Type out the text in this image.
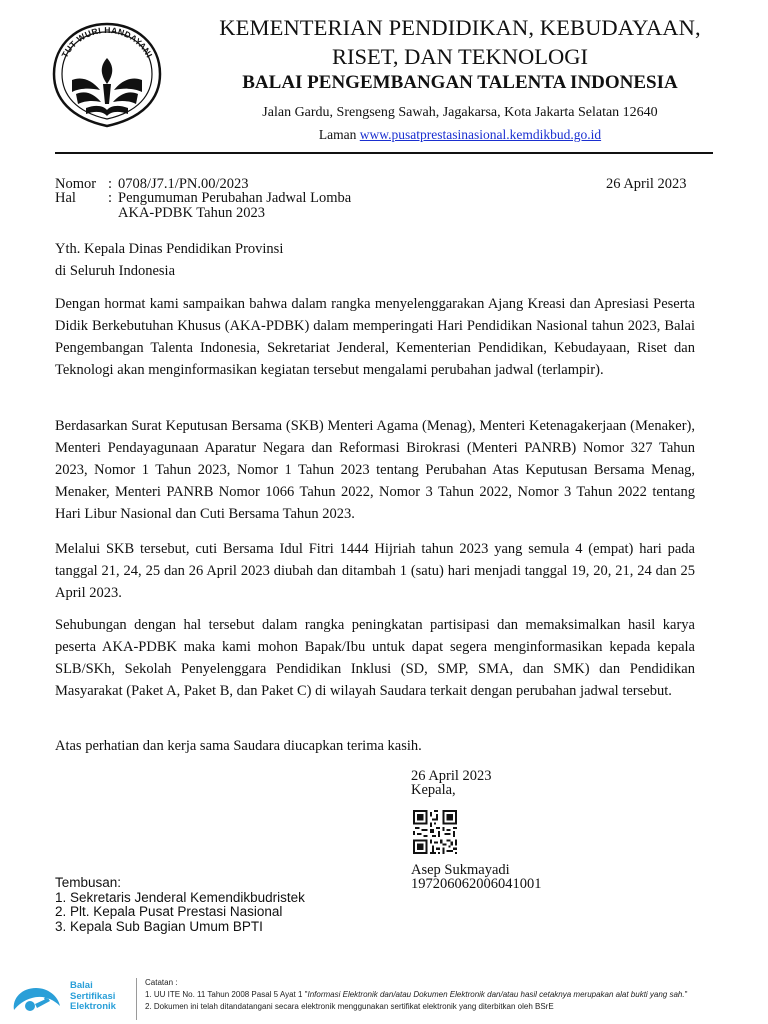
TUT WURI HANDAYANI
KEMENTERIAN PENDIDIKAN, KEBUDAYAAN,
RISET, DAN TEKNOLOGI
BALAI PENGEMBANGAN TALENTA INDONESIA
Jalan Gardu, Srengseng Sawah, Jagakarsa, Kota Jakarta Selatan 12640
Laman www.pusatprestasinasional.kemdikbud.go.id
Nomor : 0708/J7.1/PN.00/2023	26 April 2023
Hal : Pengumuman Perubahan Jadwal Lomba
AKA-PDBK Tahun 2023
Yth. Kepala Dinas Pendidikan Provinsi
di Seluruh Indonesia
Dengan hormat kami sampaikan bahwa dalam rangka menyelenggarakan Ajang Kreasi dan Apresiasi Peserta Didik Berkebutuhan Khusus (AKA-PDBK) dalam memperingati Hari Pendidikan Nasional tahun 2023, Balai Pengembangan Talenta Indonesia, Sekretariat Jenderal, Kementerian Pendidikan, Kebudayaan, Riset dan Teknologi akan menginformasikan kegiatan tersebut mengalami perubahan jadwal (terlampir).
Berdasarkan Surat Keputusan Bersama (SKB) Menteri Agama (Menag), Menteri Ketenagakerjaan (Menaker), Menteri Pendayagunaan Aparatur Negara dan Reformasi Birokrasi (Menteri PANRB) Nomor 327 Tahun 2023, Nomor 1 Tahun 2023, Nomor 1 Tahun 2023 tentang Perubahan Atas Keputusan Bersama Menag, Menaker, Menteri PANRB Nomor 1066 Tahun 2022, Nomor 3 Tahun 2022, Nomor 3 Tahun 2022 tentang Hari Libur Nasional dan Cuti Bersama Tahun 2023.
Melalui SKB tersebut, cuti Bersama Idul Fitri 1444 Hijriah tahun 2023 yang semula 4 (empat) hari pada tanggal 21, 24, 25 dan 26 April 2023 diubah dan ditambah 1 (satu) hari menjadi tanggal 19, 20, 21, 24 dan 25 April 2023.
Sehubungan dengan hal tersebut dalam rangka peningkatan partisipasi dan memaksimalkan hasil karya peserta AKA-PDBK maka kami mohon Bapak/Ibu untuk dapat segera menginformasikan kepada kepala SLB/SKh, Sekolah Penyelenggara Pendidikan Inklusi (SD, SMP, SMA, dan SMK) dan Pendidikan Masyarakat (Paket A, Paket B, dan Paket C) di wilayah Saudara terkait dengan perubahan jadwal tersebut.
Atas perhatian dan kerja sama Saudara diucapkan terima kasih.
26 April 2023
Kepala,
Asep Sukmayadi
197206062006041001
Tembusan:
1. Sekretaris Jenderal Kemendikbudristek
2. Plt. Kepala Pusat Prestasi Nasional
3. Kepala Sub Bagian Umum BPTI
Balai
Sertifikasi
Elektronik
Catatan :
1. UU ITE No. 11 Tahun 2008 Pasal 5 Ayat 1 "Informasi Elektronik dan/atau Dokumen Elektronik dan/atau hasil cetaknya merupakan alat bukti yang sah."
2. Dokumen ini telah ditandatangani secara elektronik menggunakan sertifikat elektronik yang diterbitkan oleh BSrE
